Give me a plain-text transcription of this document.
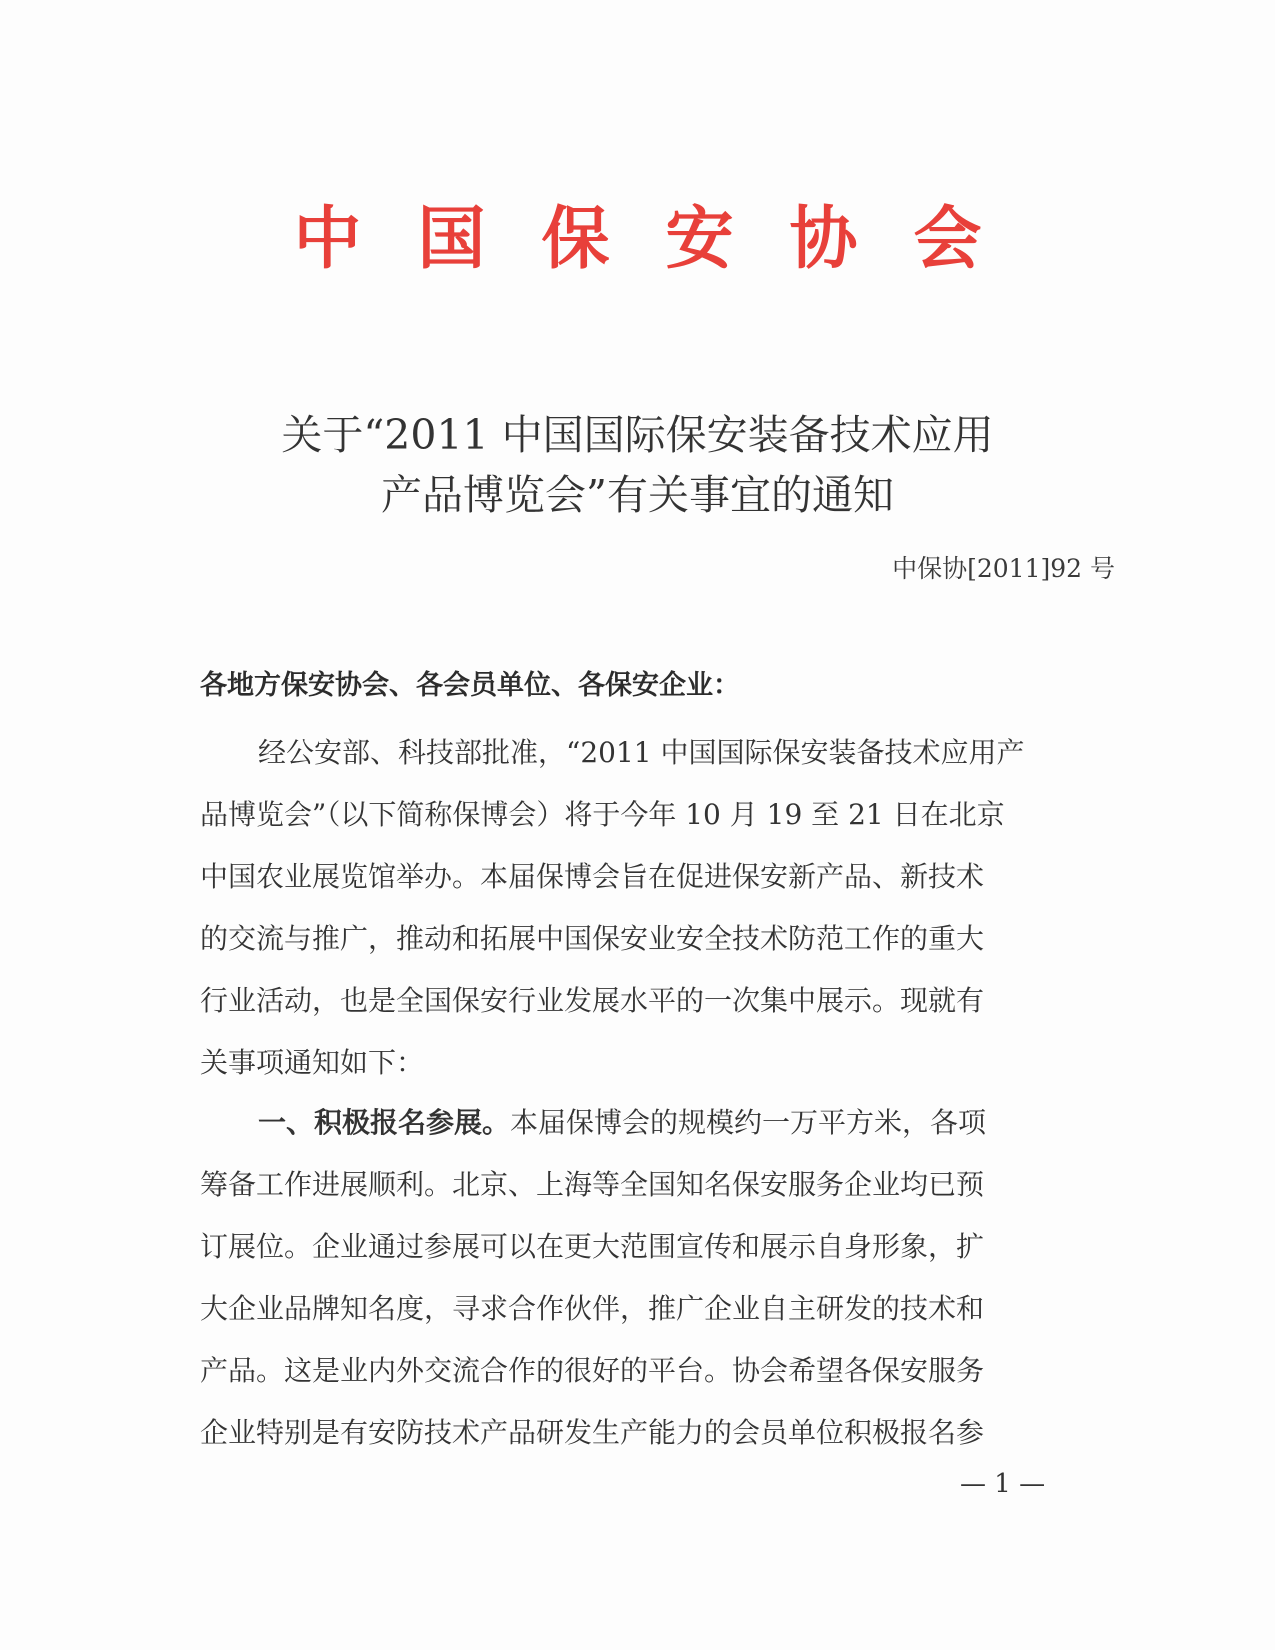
中国保安协会
关于“2011 中国国际保安装备技术应用
产品博览会”有关事宜的通知
中保协[2011]92 号
各地方保安协会、各会员单位、各保安企业：
经公安部、科技部批准，“2011 中国国际保安装备技术应用产
品博览会”（以下简称保博会）将于今年 10 月 19 至 21 日在北京
中国农业展览馆举办。本届保博会旨在促进保安新产品、新技术
的交流与推广，推动和拓展中国保安业安全技术防范工作的重大
行业活动，也是全国保安行业发展水平的一次集中展示。现就有
关事项通知如下：
一、积极报名参展。本届保博会的规模约一万平方米，各项
筹备工作进展顺利。北京、上海等全国知名保安服务企业均已预
订展位。企业通过参展可以在更大范围宣传和展示自身形象，扩
大企业品牌知名度，寻求合作伙伴，推广企业自主研发的技术和
产品。这是业内外交流合作的很好的平台。协会希望各保安服务
企业特别是有安防技术产品研发生产能力的会员单位积极报名参
— 1 —
